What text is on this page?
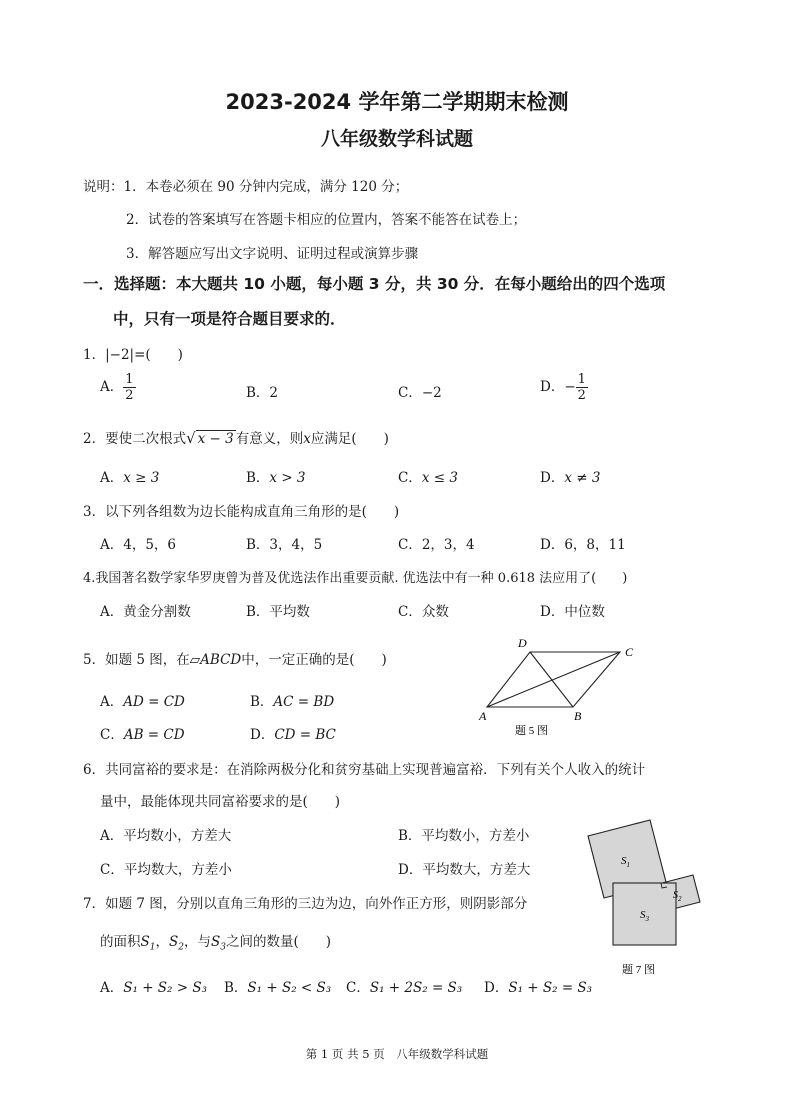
2023-2024 学年第二学期期末检测
八年级数学科试题
说明：1．本卷必须在 90 分钟内完成，满分 120 分；
2．试卷的答案填写在答题卡相应的位置内，答案不能答在试卷上；
3．解答题应写出文字说明、证明过程或演算步骤
一．选择题：本大题共 10 小题，每小题 3 分，共 30 分．在每小题给出的四个选项
中，只有一项是符合题目要求的．
1．|−2|=(　　)
A． $\frac{1}{2}$	B．2	C．−2	D．− $\frac{1}{2}$
2．要使二次根式√ x − 3 有意义，则x应满足(　　)
A．x ≥ 3	B．x > 3	C．x ≤ 3	D．x ≠ 3
3．以下列各组数为边长能构成直角三角形的是(　　)
A．4，5，6	B．3，4，5	C．2，3，4	D．6，8，11
4.我国著名数学家华罗庚曾为普及优选法作出重要贡献. 优选法中有一种 0.618 法应用了(　　)
A．黄金分割数	B．平均数	C．众数	D．中位数
5．如题 5 图，在▱ABCD中，一定正确的是(　　)
A．AD = CD	B．AC = BD
C．AB = CD	D．CD = BC
A	B
C
D
题 5 图
6．共同富裕的要求是：在消除两极分化和贫穷基础上实现普遍富裕．下列有关个人收入的统计
量中，最能体现共同富裕要求的是(　　)
A．平均数小，方差大	B．平均数小，方差小
C．平均数大，方差小	D．平均数大，方差大
7．如题 7 图，分别以直角三角形的三边为边，向外作正方形，则阴影部分
的面积$S_1$，$S_2$，与$S_3$之间的数量(　　)
A．S₁ + S₂ > S₃ B．S₁ + S₂ < S₃ C．S₁ + 2S₂ = S₃ D．S₁ + S₂ = S₃
$S_1$
$S_2$
$S_3$
题 7 图
第 1 页 共 5 页　八年级数学科试题
